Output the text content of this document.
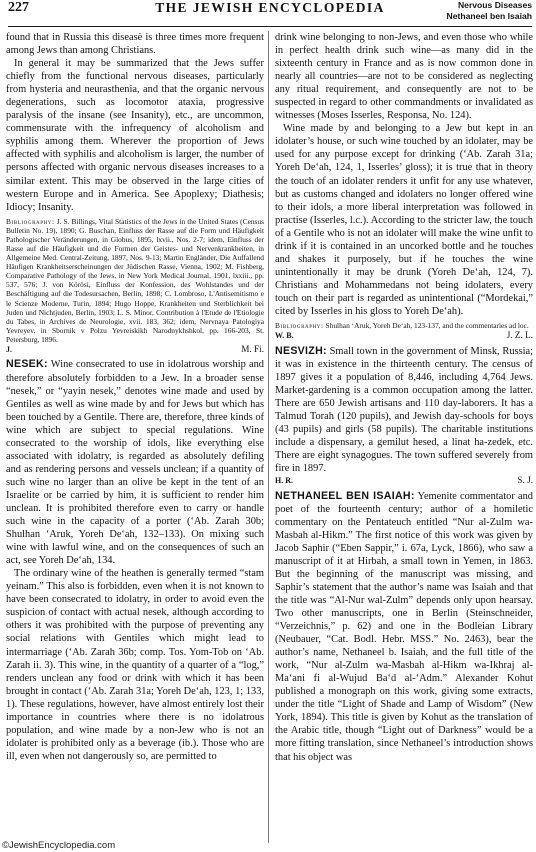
227	THE JEWISH ENCYCLOPEDIA	Nervous Diseases
Nethaneel ben Isaiah

found that in Russia this diseasė is three times more frequent among Jews than among Christians.

In general it may be summarized that the Jews suffer chiefly from the functional nervous diseases, particularly from hysteria and neurasthenia, and that the organic nervous degenerations, such as locomotor ataxia, progressive paralysis of the insane (see Insanity), etc., are uncommon, commensurate with the infrequency of alcoholism and syphilis among them. Wherever the proportion of Jews affected with syphilis and alcoholism is larger, the number of persons affected with organic nervous diseases increases to a similar extent. This may be observed in the large cities of western Europe and in America. See Apoplexy; Diathesis; Idiocy; Insanity.

Bibliography: J. S. Billings, Vital Statistics of the Jews in the United States (Census Bulletin No. 19), 1890; G. Buschan, Einfluss der Rasse auf die Form und Häufigkeit Pathologischer Veränderungen, in Globus, 1895, lxvii., Nos. 2-7; idem, Einfluss der Rasse auf die Häufigkeit und die Formen der Geistes- und Nervenkrankheiten, in Allgemeine Med. Central-Zeitung, 1897, Nos. 9-13; Martin Engländer, Die Auffallend Häufigen Krankheitserscheinungen der Jüdischen Rasse, Vienna, 1902; M. Fishberg, Comparative Pathology of the Jews, in New York Medical Journal, 1901, lxxiii., pp. 537, 576; J. von Körösi, Einfluss der Konfession, des Wohlstandes und der Beschäftigung auf die Todesursachen, Berlin, 1898; C. Lombroso, L'Antisemitismo e le Scienze Moderne, Turin, 1894; Hugo Hoppe, Krankheiten und Sterblichkeit bei Juden und Nichtjuden, Berlin, 1903; L. S. Minor, Contribution à l'Etude de l'Etiologie du Tabes, in Archives de Neurologie, xvii. 183, 362; idem, Nervnaya Patologiya Yevreyev, in Sbornik v Polzu Yevreiskikh Narodnykhshkol, pp. 166-203, St. Petersburg, 1896.

J.	M. Fi.

NESEK: Wine consecrated to use in idolatrous worship and therefore absolutely forbidden to a Jew. In a broader sense “nesek,” or “yayin nesek,” denotes wine made and used by Gentiles as well as wine made by and for Jews but which has been touched by a Gentile. There are, therefore, three kinds of wine which are subject to special regulations. Wine consecrated to the worship of idols, like everything else associated with idolatry, is regarded as absolutely defiling and as rendering persons and vessels unclean; if a quantity of such wine no larger than an olive be kept in the tent of an Israelite or be carried by him, it is sufficient to render him unclean. It is prohibited therefore even to carry or handle such wine in the capacity of a porter (‘Ab. Zarah 30b; Shulhan ‘Aruk, Yoreh De‘ah, 132–133). On mixing such wine with lawful wine, and on the consequences of such an act, see Yoreh De‘ah, 134.

The ordinary wine of the heathen is generally termed “stam yeinam.” This also is forbidden, even when it is not known to have been consecrated to idolatry, in order to avoid even the suspicion of contact with actual nesek, although according to others it was prohibited with the purpose of preventing any social relations with Gentiles which might lead to intermarriage (‘Ab. Zarah 36b; comp. Tos. Yom-Tob on ‘Ab. Zarah ii. 3). This wine, in the quantity of a quarter of a “log,” renders unclean any food or drink with which it has been brought in contact (‘Ab. Zarah 31a; Yoreh De‘ah, 123, 1; 133, 1). These regulations, however, have almost entirely lost their importance in countries where there is no idolatrous population, and wine made by a non-Jew who is not an idolater is prohibited only as a beverage (ib.). Those who are ill, even when not dangerously so, are permitted to

drink wine belonging to non-Jews, and even those who while in perfect health drink such wine—as many did in the sixteenth century in France and as is now common done in nearly all countries—are not to be considered as neglecting any ritual requirement, and consequently are not to be suspected in regard to other commandments or invalidated as witnesses (Moses Isserles, Responsa, No. 124).

Wine made by and belonging to a Jew but kept in an idolater’s house, or such wine touched by an idolater, may be used for any purpose except for drinking (‘Ab. Zarah 31a; Yoreh De‘ah, 124, 1, Isserles’ gloss); it is true that in theory the touch of an idolater renders it unfit for any use whatever, but as customs changed and idolaters no longer offered wine to their idols, a more liberal interpretation was followed in practise (Isserles, l.c.). According to the stricter law, the touch of a Gentile who is not an idolater will make the wine unfit to drink if it is contained in an uncorked bottle and he touches and shakes it purposely, but if he touches the wine unintentionally it may be drunk (Yoreh De‘ah, 124, 7). Christians and Mohammedans not being idolaters, every touch on their part is regarded as unintentional (“Mordekai,” cited by Isserles in his gloss to Yoreh De‘ah).

Bibliography: Shulhan ‘Aruk, Yoreh De‘ah, 123-137, and the commentaries ad loc.

W. B.	J. Z. L.

NESVIZH: Small town in the government of Minsk, Russia; it was in existence in the thirteenth century. The census of 1897 gives it a population of 8,446, including 4,764 Jews. Market-gardening is a common occupation among the latter. There are 650 Jewish artisans and 110 day-laborers. It has a Talmud Torah (120 pupils), and Jewish day-schools for boys (43 pupils) and girls (58 pupils). The charitable institutions include a dispensary, a gemilut hesed, a linat ha-zedek, etc. There are eight synagogues. The town suffered severely from fire in 1897.

H. R.	S. J.

NETHANEEL BEN ISAIAH: Yemenite commentator and poet of the fourteenth century; author of a homiletic commentary on the Pentateuch entitled “Nur al-Zulm wa-Masbah al-Hikm.” The first notice of this work was given by Jacob Saphir (“Eben Sappir,” i. 67a, Lyck, 1866), who saw a manuscript of it at Hirbah, a small town in Yemen, in 1863. But the beginning of the manuscript was missing, and Saphir’s statement that the author’s name was Isaiah and that the title was “Al-Nur wal-Zulm” depends only upon hearsay. Two other manuscripts, one in Berlin (Steinschneider, “Verzeichnis,” p. 62) and one in the Bodleian Library (Neubauer, “Cat. Bodl. Hebr. MSS.” No. 2463), bear the author’s name, Nethaneel b. Isaiah, and the full title of the work, “Nur al-Zulm wa-Masbah al-Hikm wa-Ikhraj al-Ma‘ani fi al-Wujud Ba‘d al-‘Adm.” Alexander Kohut published a monograph on this work, giving some extracts, under the title “Light of Shade and Lamp of Wisdom” (New York, 1894). This title is given by Kohut as the translation of the Arabic title, though “Light out of Darkness” would be a more fitting translation, since Nethaneel’s introduction shows that his object was

©JewishEncyclopedia.com
